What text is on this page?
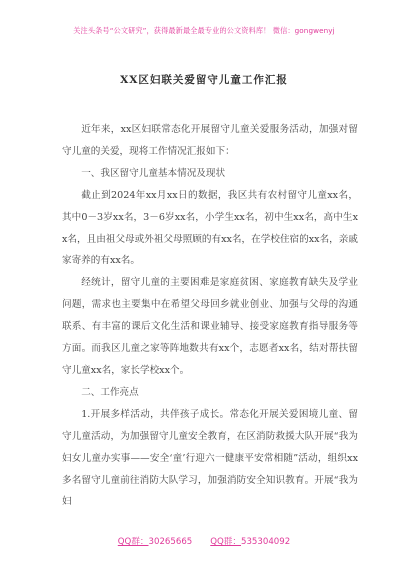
关注头条号“公文研究”，获得最新最全最专业的公文资料库！ 微信：gongwenyj
XX区妇联关爱留守儿童工作汇报

近年来，xx区妇联常态化开展留守儿童关爱服务活动，加强对留守儿童的关爱，现将工作情况汇报如下：

一、我区留守儿童基本情况及现状

截止到2024年xx月xx日的数据，我区共有农村留守儿童xx名，其中0－3岁xx名，3－6岁xx名，小学生xx名，初中生xx名，高中生xx名，且由祖父母或外祖父母照顾的有xx名，在学校住宿的xx名，亲戚家寄养的有xx名。

经统计，留守儿童的主要困难是家庭贫困、家庭教育缺失及学业问题，需求也主要集中在希望父母回乡就业创业、加强与父母的沟通联系、有丰富的课后文化生活和课业辅导、接受家庭教育指导服务等方面。而我区儿童之家等阵地数共有xx个，志愿者xx名，结对帮扶留守儿童xx名，家长学校xx个。

二、工作亮点

1.开展多样活动，共伴孩子成长。常态化开展关爱困境儿童、留守儿童活动，为加强留守儿童安全教育，在区消防救援大队开展“我为妇女儿童办实事——安全‘童’行迎六一健康平安常相随”活动，组织xx多名留守儿童前往消防大队学习，加强消防安全知识教育。开展“我为妇

QQ群：30265665 QQ群：535304092
